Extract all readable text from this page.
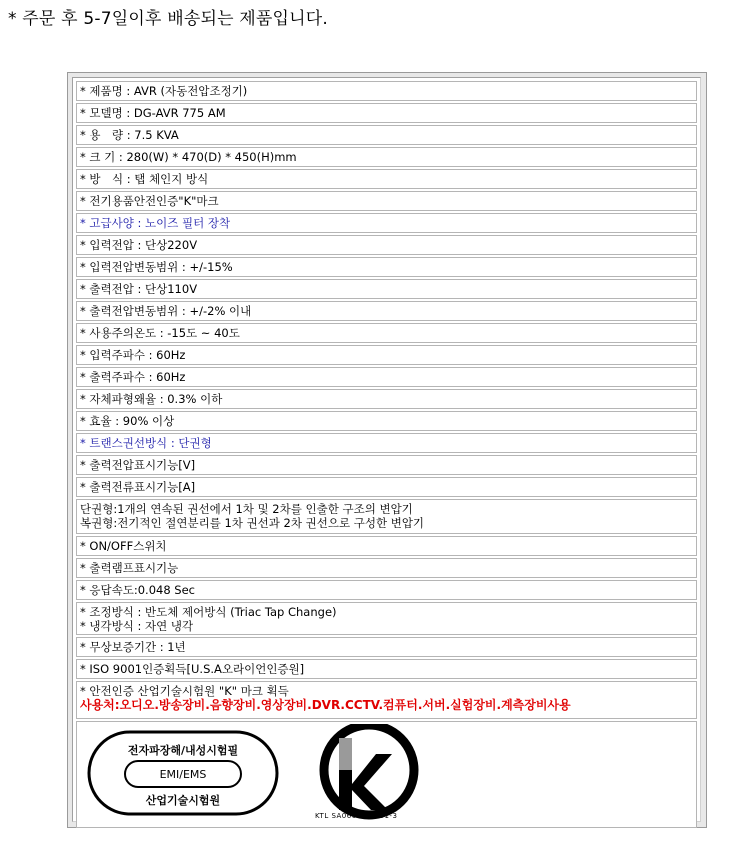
* 주문 후 5-7일이후 배송되는 제품입니다.
* 제품명 : AVR (자동전압조정기)
* 모델명 : DG-AVR 775 AM
* 용　량 : 7.5 KVA
* 크 기 : 280(W) * 470(D) * 450(H)mm
* 방　식 : 탭 체인지 방식
* 전기용품안전인증"K"마크
* 고급사양 : 노이즈 필터 장착
* 입력전압 : 단상220V
* 입력전압변동범위 : +/-15%
* 출력전압 : 단상110V
* 출력전압변동범위 : +/-2% 이내
* 사용주의온도 : -15도 ~ 40도
* 입력주파수 : 60Hz
* 출력주파수 : 60Hz
* 자체파형왜율 : 0.3% 이하
* 효율 : 90% 이상
* 트랜스권선방식 : 단권형
* 출력전압표시기능[V]
* 출력전류표시기능[A]
단권형:1개의 연속된 권선에서 1차 및 2차를 인출한 구조의 변압기
복권형:전기적인 절연분리를 1차 권선과 2차 권선으로 구성한 변압기
* ON/OFF스위치
* 출력램프표시기능
* 응답속도:0.048 Sec
* 조정방식 : 반도체 제어방식 (Triac Tap Change)
* 냉각방식 : 자연 냉각
* 무상보증기간 : 1년
* ISO 9001인증획득[U.S.A오라이언인증원]
* 안전인증 산업기술시험원 "K" 마크 획득
사용처:오디오.방송장비.음향장비.영상장비.DVR.CCTV.컴퓨터.서버.실험장비.계측장비사용
전자파장해/내성시험필
EMI/EMS
산업기술시험원
KTL SA06012-3001-3
